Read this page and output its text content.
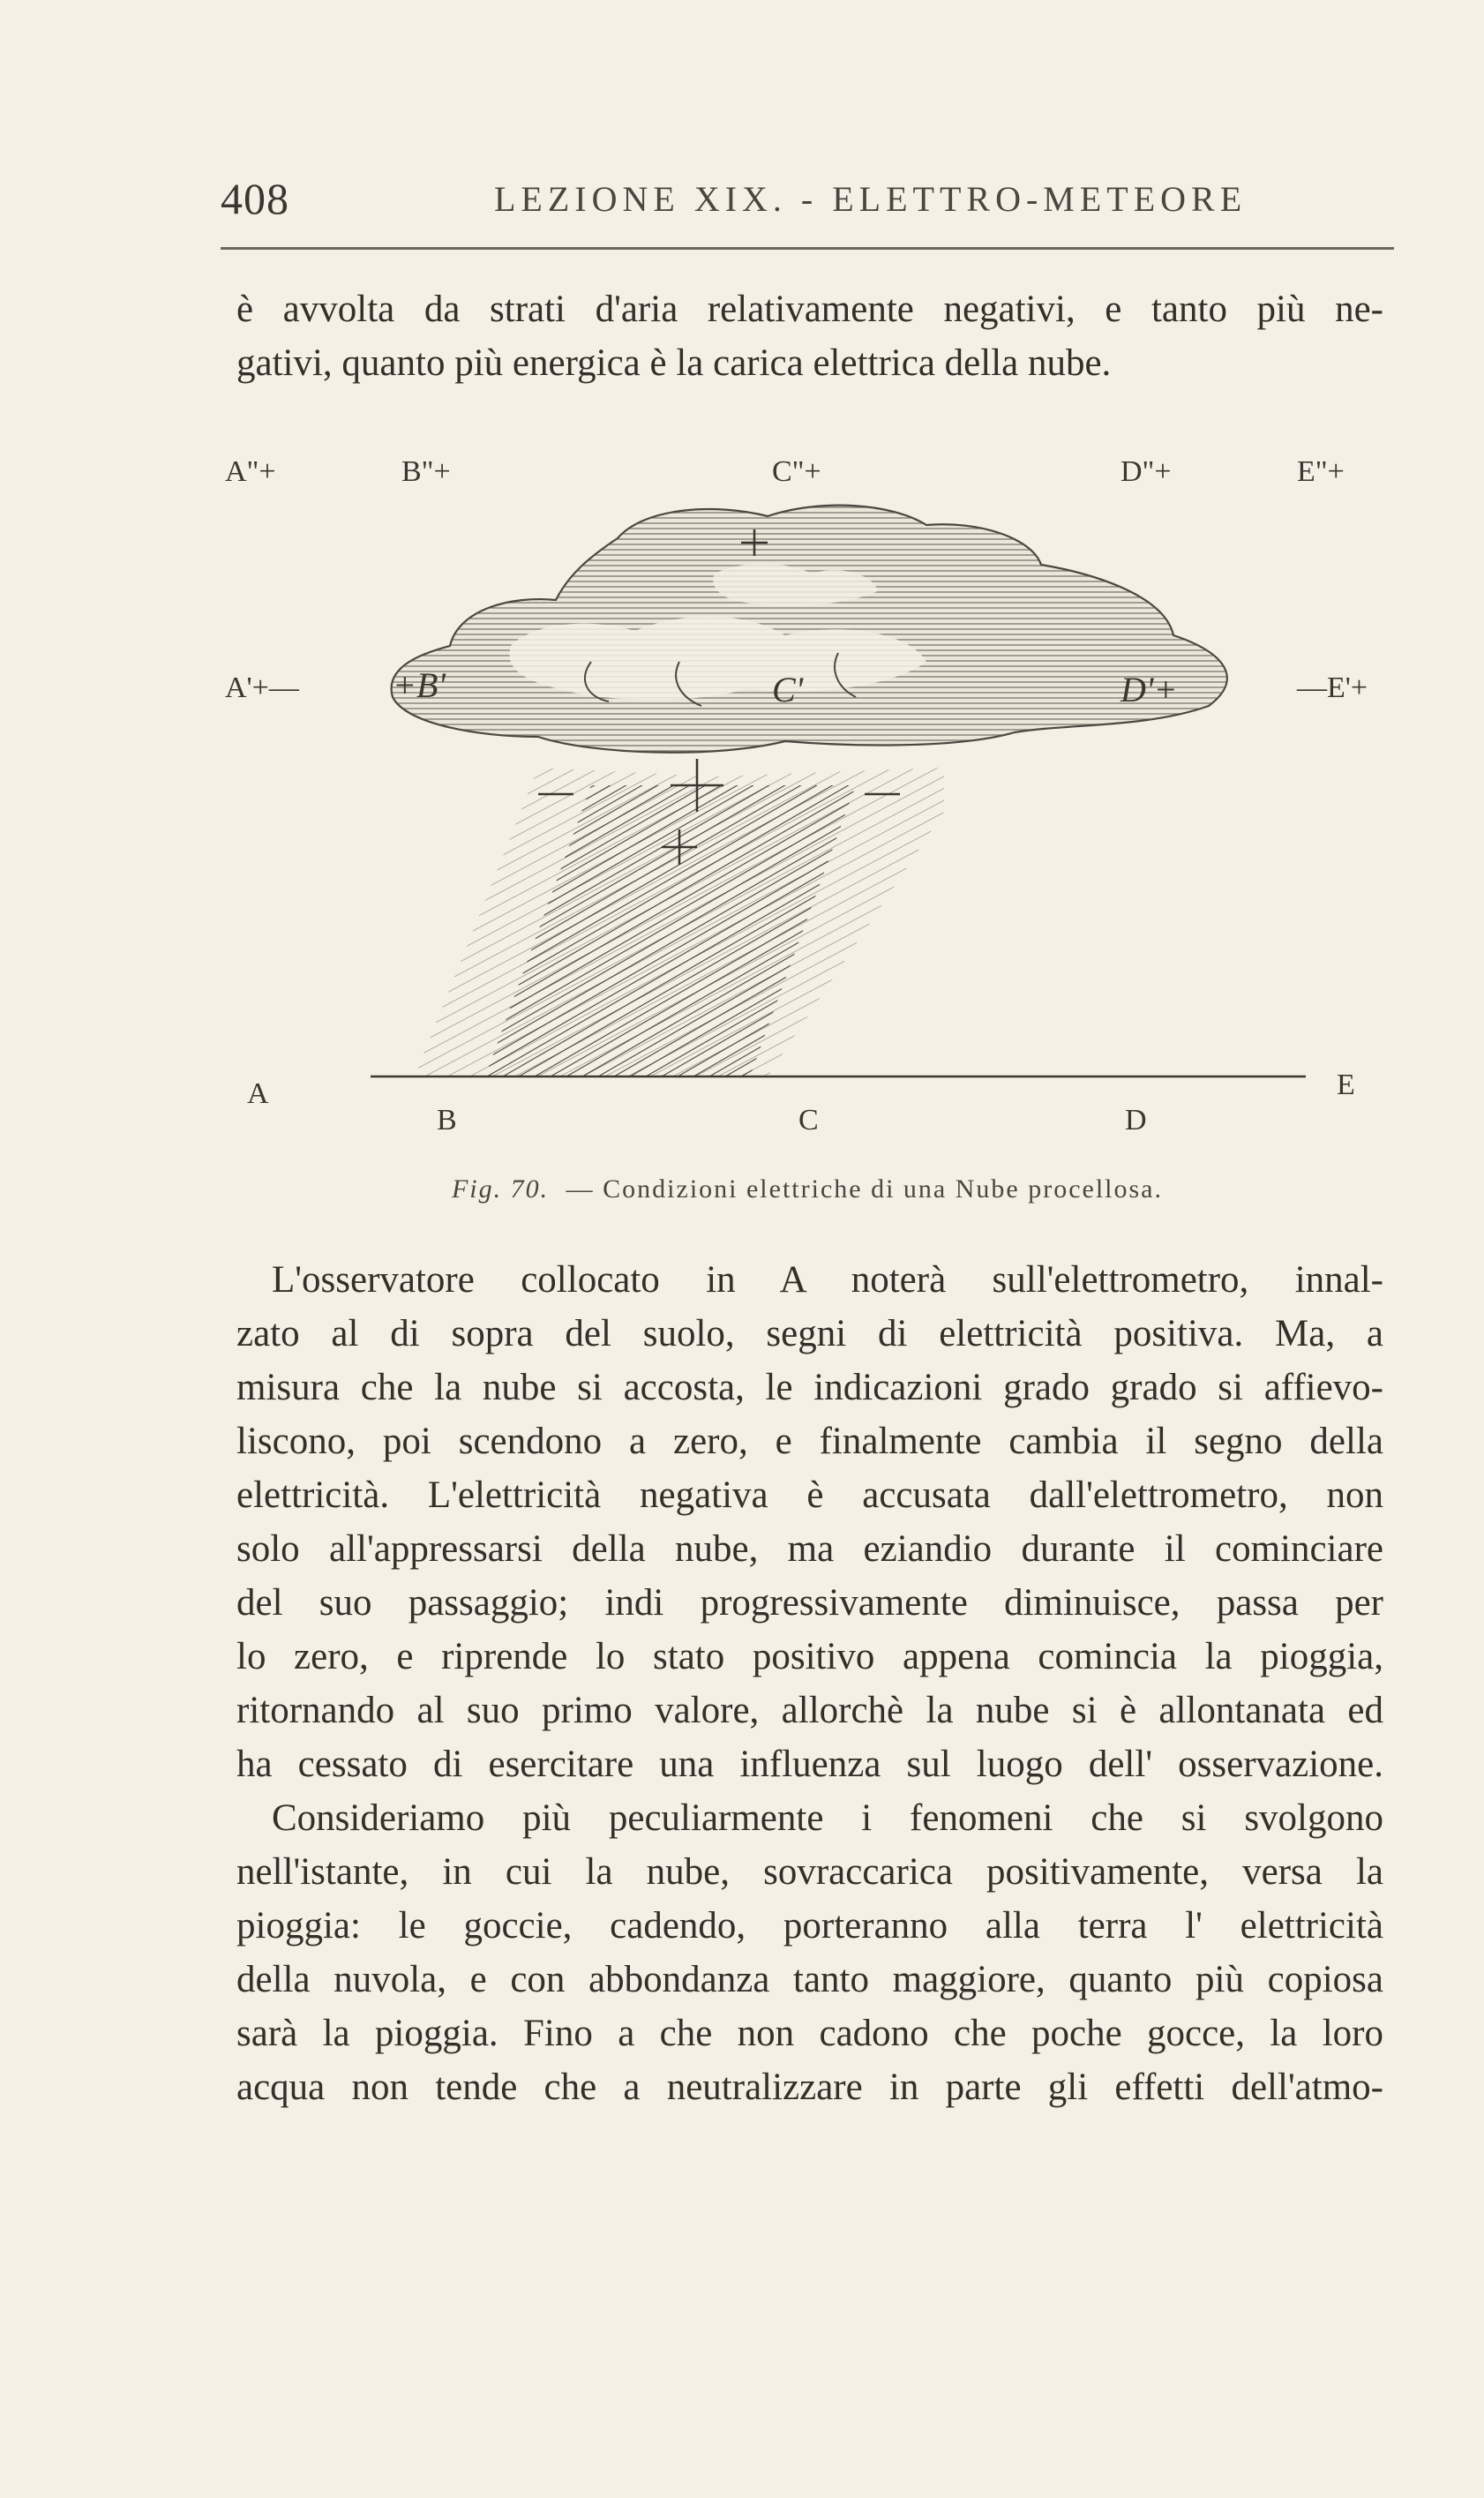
408	LEZIONE XIX. - ELETTRO-METEORE
è avvolta da strati d'aria relativamente negativi, e tanto più ne-
gativi, quanto più energica è la carica elettrica della nube.
A"+	B"+	C"+	D"+	E"+
A'+—	—E'+
+B'	C'	D'+
A
B	C	D
E
Fig. 70. — Condizioni elettriche di una Nube procellosa.
L'osservatore collocato in A noterà sull'elettrometro, innal-
zato al di sopra del suolo, segni di elettricità positiva. Ma, a
misura che la nube si accosta, le indicazioni grado grado si affievo-
liscono, poi scendono a zero, e finalmente cambia il segno della
elettricità. L'elettricità negativa è accusata dall'elettrometro, non
solo all'appressarsi della nube, ma eziandio durante il cominciare
del suo passaggio; indi progressivamente diminuisce, passa per
lo zero, e riprende lo stato positivo appena comincia la pioggia,
ritornando al suo primo valore, allorchè la nube si è allontanata ed
ha cessato di esercitare una influenza sul luogo dell' osservazione.
Consideriamo più peculiarmente i fenomeni che si svolgono
nell'istante, in cui la nube, sovraccarica positivamente, versa la
pioggia: le goccie, cadendo, porteranno alla terra l' elettricità
della nuvola, e con abbondanza tanto maggiore, quanto più copiosa
sarà la pioggia. Fino a che non cadono che poche gocce, la loro
acqua non tende che a neutralizzare in parte gli effetti dell'atmo-
